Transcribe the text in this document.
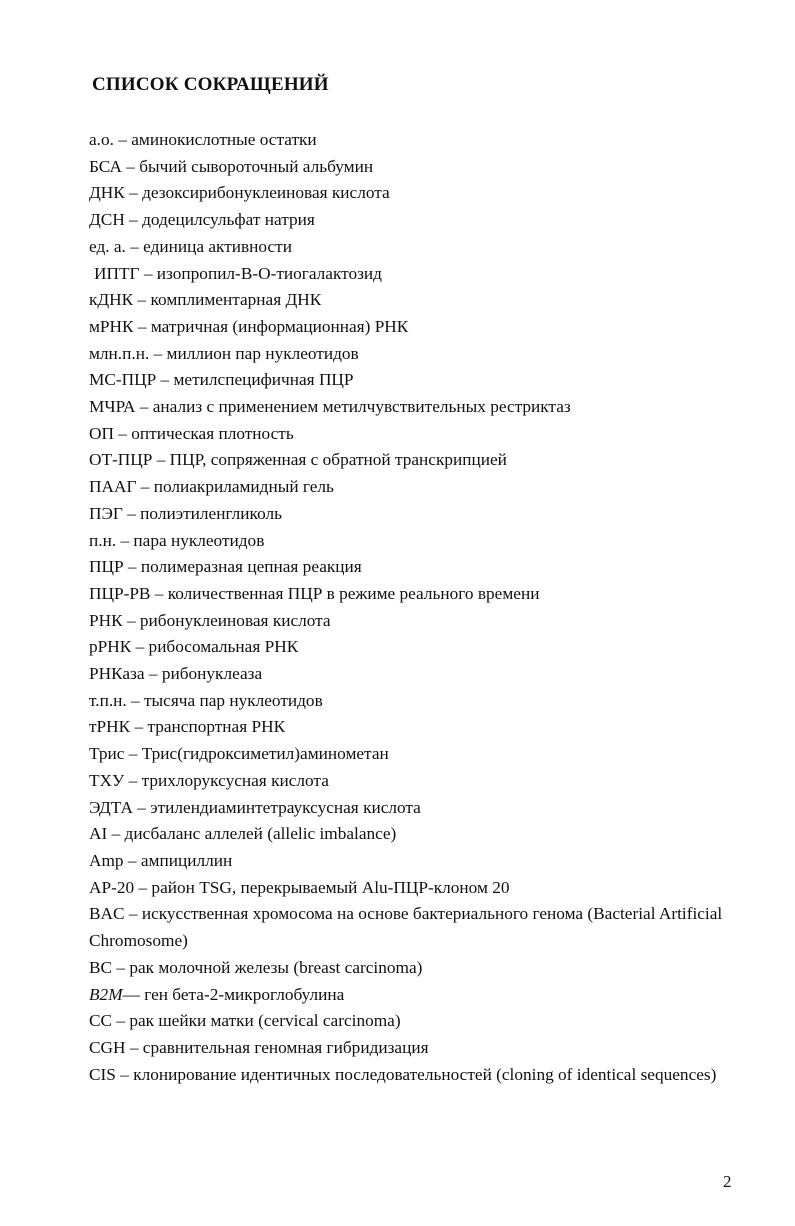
СПИСОК СОКРАЩЕНИЙ
а.о. – аминокислотные остатки
БСА – бычий сывороточный альбумин
ДНК – дезоксирибонуклеиновая кислота
ДСН – додецилсульфат натрия
ед. а. – единица активности
ИПТГ – изопропил-B-O-тиогалактозид
кДНК – комплиментарная ДНК
мРНК – матричная (информационная) РНК
млн.п.н. – миллион пар нуклеотидов
МС-ПЦР – метилспецифичная ПЦР
МЧРА – анализ с применением метилчувствительных рестриктаз
ОП – оптическая плотность
ОТ-ПЦР – ПЦР, сопряженная с обратной транскрипцией
ПААГ – полиакриламидный гель
ПЭГ – полиэтиленгликоль
п.н. – пара нуклеотидов
ПЦР – полимеразная цепная реакция
ПЦР-РВ – количественная ПЦР в режиме реального времени
РНК – рибонуклеиновая кислота
рРНК – рибосомальная РНК
РНКаза – рибонуклеаза
т.п.н. – тысяча пар нуклеотидов
тРНК – транспортная РНК
Трис – Трис(гидроксиметил)аминометан
ТХУ – трихлоруксусная кислота
ЭДТА – этилендиаминтетрауксусная кислота
AI – дисбаланс аллелей (allelic imbalance)
Amp – ампициллин
AP-20 – район TSG, перекрываемый Alu-ПЦР-клоном 20
BAC – искусственная хромосома на основе бактериального генома (Bacterial Artificial Chromosome)
BC – рак молочной железы (breast carcinoma)
B2M— ген бета-2-микроглобулина
CC – рак шейки матки (cervical carcinoma)
CGH – сравнительная геномная гибридизация
CIS – клонирование идентичных последовательностей (cloning of identical sequences)
2
